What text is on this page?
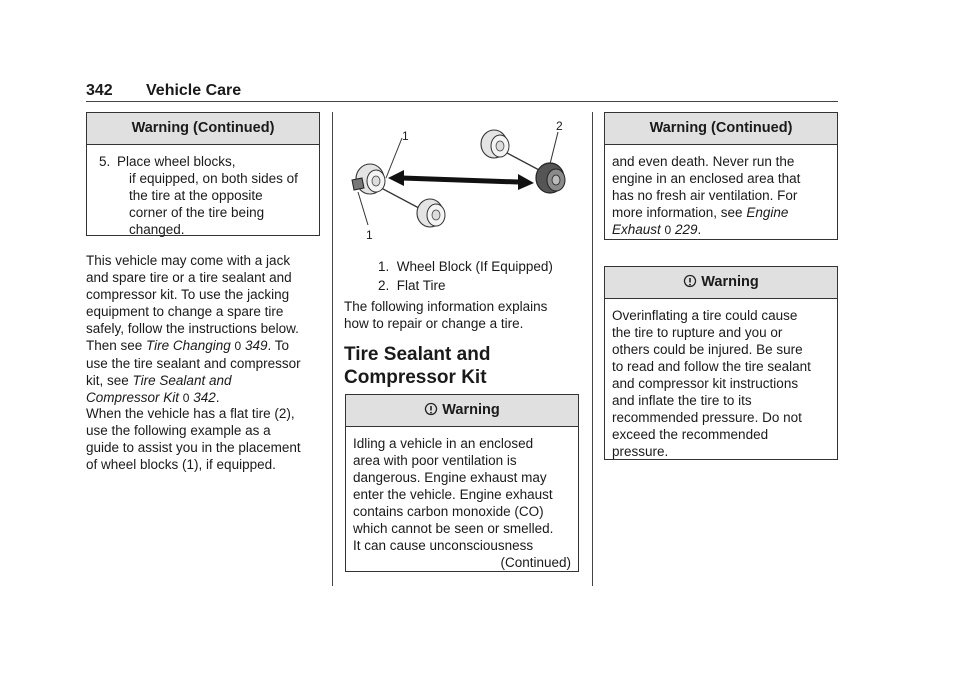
342 Vehicle Care
Warning (Continued)
5. Place wheel blocks,
if equipped, on both sides of
the tire at the opposite
corner of the tire being
changed.
This vehicle may come with a jack
and spare tire or a tire sealant and
compressor kit. To use the jacking
equipment to change a spare tire
safely, follow the instructions below.
Then see Tire Changing 0 349. To
use the tire sealant and compressor
kit, see Tire Sealant and
Compressor Kit 0 342.
When the vehicle has a flat tire (2),
use the following example as a
guide to assist you in the placement
of wheel blocks (1), if equipped.
1
1
2
1. Wheel Block (If Equipped)
2. Flat Tire
The following information explains
how to repair or change a tire.
Tire Sealant and
Compressor Kit
Warning
Idling a vehicle in an enclosed
area with poor ventilation is
dangerous. Engine exhaust may
enter the vehicle. Engine exhaust
contains carbon monoxide (CO)
which cannot be seen or smelled.
It can cause unconsciousness
(Continued)
Warning (Continued)
and even death. Never run the
engine in an enclosed area that
has no fresh air ventilation. For
more information, see Engine
Exhaust 0 229.
Warning
Overinflating a tire could cause
the tire to rupture and you or
others could be injured. Be sure
to read and follow the tire sealant
and compressor kit instructions
and inflate the tire to its
recommended pressure. Do not
exceed the recommended
pressure.
